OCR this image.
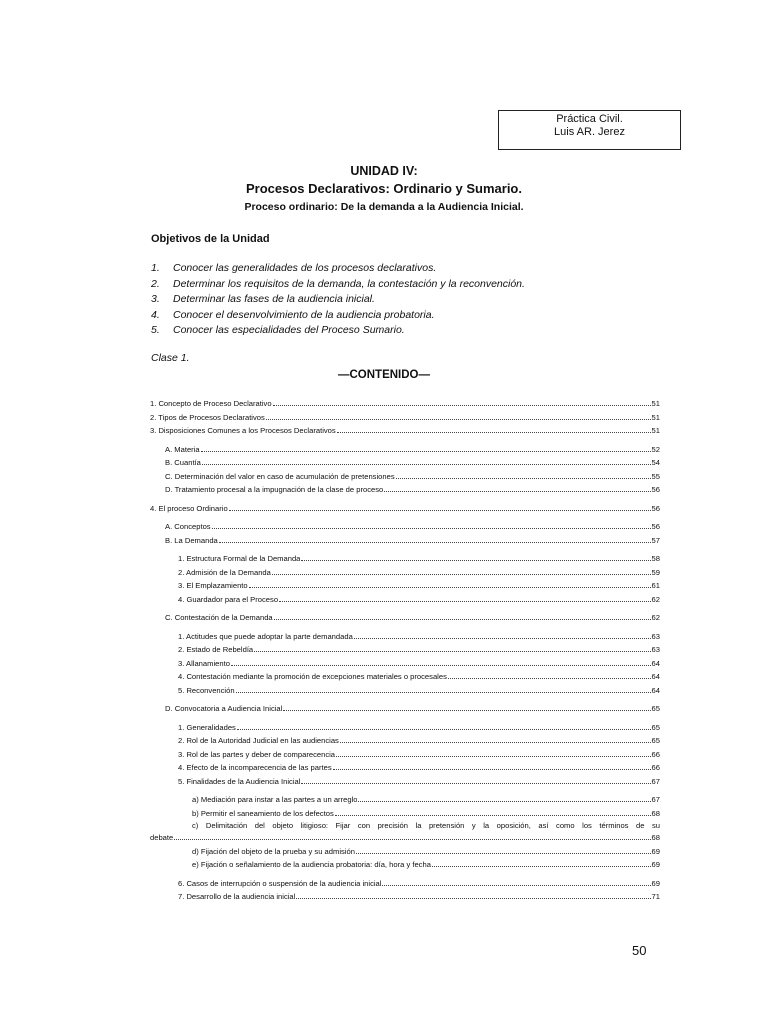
Práctica Civil.
Luis AR. Jerez
UNIDAD IV:
Procesos Declarativos: Ordinario y Sumario.
Proceso ordinario: De la demanda a la Audiencia Inicial.
Objetivos de la Unidad
1. Conocer las generalidades de los procesos declarativos.
2. Determinar los requisitos de la demanda, la contestación y la reconvención.
3. Determinar las fases de la audiencia inicial.
4. Conocer el desenvolvimiento de la audiencia probatoria.
5. Conocer las especialidades del Proceso Sumario.
Clase 1.
—CONTENIDO—
1. Concepto de Proceso Declarativo	51
2. Tipos de Procesos Declarativos	51
3. Disposiciones Comunes a los Procesos Declarativos	51
A. Materia	52
B. Cuantía	54
C. Determinación del valor en caso de acumulación de pretensiones	55
D. Tratamiento procesal a la impugnación de la clase de proceso	56
4. El proceso Ordinario	56
A. Conceptos	56
B. La Demanda	57
1. Estructura Formal de la Demanda	58
2. Admisión de la Demanda	59
3. El Emplazamiento	61
4. Guardador para el Proceso	62
C. Contestación de la Demanda	62
1. Actitudes que puede adoptar la parte demandada	63
2. Estado de Rebeldía	63
3. Allanamiento	64
4. Contestación mediante la promoción de excepciones materiales o procesales	64
5. Reconvención	64
D. Convocatoria a Audiencia Inicial	65
1. Generalidades	65
2. Rol de la Autoridad Judicial en las audiencias	65
3. Rol de las partes y deber de comparecencia	66
4. Efecto de la incomparecencia de las partes	66
5. Finalidades de la Audiencia Inicial	67
a) Mediación para instar a las partes a un arreglo	67
b) Permitir el saneamiento de los defectos	68
c) Delimitación del objeto litigioso: Fijar con precisión la pretensión y la oposición, así como los términos de su
debate	68
d) Fijación del objeto de la prueba y su admisión	69
e) Fijación o señalamiento de la audiencia probatoria: día, hora y fecha	69
6. Casos de interrupción o suspensión de la audiencia inicial	69
7. Desarrollo de la audiencia inicial	71
50
